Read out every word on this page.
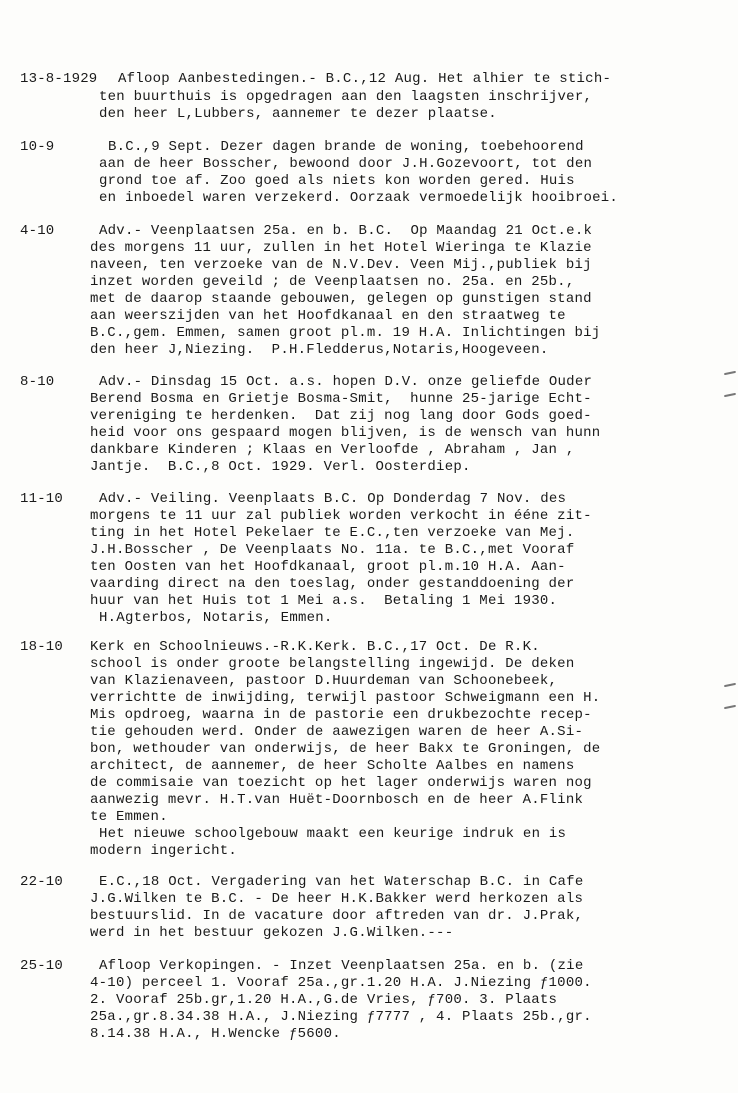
13-8-1929 Afloop Aanbestedingen.- B.C.,12 Aug. Het alhier te stich-
ten buurthuis is opgedragen aan den laagsten inschrijver,
den heer L,Lubbers, aannemer te dezer plaatse.
10-9	B.C.,9 Sept. Dezer dagen brande de woning, toebehoorend
aan de heer Bosscher, bewoond door J.H.Gozevoort, tot den
grond toe af. Zoo goed als niets kon worden gered. Huis
en inboedel waren verzekerd. Oorzaak vermoedelijk hooibroei.
4-10	Adv.- Veenplaatsen 25a. en b. B.C.  Op Maandag 21 Oct.e.k
des morgens 11 uur, zullen in het Hotel Wieringa te Klazie
naveen, ten verzoeke van de N.V.Dev. Veen Mij.,publiek bij
inzet worden geveild ; de Veenplaatsen no. 25a. en 25b.,
met de daarop staande gebouwen, gelegen op gunstigen stand
aan weerszijden van het Hoofdkanaal en den straatweg te
B.C.,gem. Emmen, samen groot pl.m. 19 H.A. Inlichtingen bij
den heer J,Niezing.  P.H.Fledderus,Notaris,Hoogeveen.
8-10	Adv.- Dinsdag 15 Oct. a.s. hopen D.V. onze geliefde Ouder
Berend Bosma en Grietje Bosma-Smit,  hunne 25-jarige Echt-
vereniging te herdenken.  Dat zij nog lang door Gods goed-
heid voor ons gespaard mogen blijven, is de wensch van hunn
dankbare Kinderen ; Klaas en Verloofde , Abraham , Jan ,
Jantje.  B.C.,8 Oct. 1929. Verl. Oosterdiep.
11-10	Adv.- Veiling. Veenplaats B.C. Op Donderdag 7 Nov. des
morgens te 11 uur zal publiek worden verkocht in ééne zit-
ting in het Hotel Pekelaer te E.C.,ten verzoeke van Mej.
J.H.Bosscher , De Veenplaats No. 11a. te B.C.,met Vooraf
ten Oosten van het Hoofdkanaal, groot pl.m.10 H.A. Aan-
vaarding direct na den toeslag, onder gestanddoening der
huur van het Huis tot 1 Mei a.s.  Betaling 1 Mei 1930.
H.Agterbos, Notaris, Emmen.
18-10 Kerk en Schoolnieuws.-R.K.Kerk. B.C.,17 Oct. De R.K.
school is onder groote belangstelling ingewijd. De deken
van Klazienaveen, pastoor D.Huurdeman van Schoonebeek,
verrichtte de inwijding, terwijl pastoor Schweigmann een H.
Mis opdroeg, waarna in de pastorie een drukbezochte recep-
tie gehouden werd. Onder de aawezigen waren de heer A.Si-
bon, wethouder van onderwijs, de heer Bakx te Groningen, de
architect, de aannemer, de heer Scholte Aalbes en namens
de commisaie van toezicht op het lager onderwijs waren nog
aanwezig mevr. H.T.van Huët-Doornbosch en de heer A.Flink
te Emmen.
Het nieuwe schoolgebouw maakt een keurige indruk en is
modern ingericht.
22-10	E.C.,18 Oct. Vergadering van het Waterschap B.C. in Cafe
J.G.Wilken te B.C. - De heer H.K.Bakker werd herkozen als
bestuurslid. In de vacature door aftreden van dr. J.Prak,
werd in het bestuur gekozen J.G.Wilken.---
25-10	Afloop Verkopingen. - Inzet Veenplaatsen 25a. en b. (zie
4-10) perceel 1. Vooraf 25a.,gr.1.20 H.A. J.Niezing ƒ1000.
2. Vooraf 25b.gr,1.20 H.A.,G.de Vries, ƒ700. 3. Plaats
25a.,gr.8.34.38 H.A., J.Niezing ƒ7777 , 4. Plaats 25b.,gr.
8.14.38 H.A., H.Wencke ƒ5600.
